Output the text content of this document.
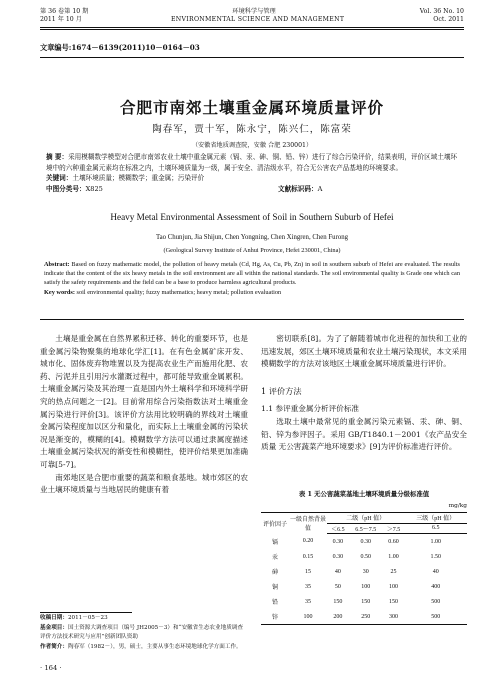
第 36 卷第 10 期	环境科学与管理	Vol. 36 No. 10
2011 年 10 月	ENVIRONMENTAL SCIENCE AND MANAGEMENT	Oct. 2011
文章编号:1674－6139(2011)10－0164－03
合肥市南郊土壤重金属环境质量评价
陶春军，贾十军，陈永宁，陈兴仁，陈富荣
（安徽省地质调查院，安徽 合肥 230001）
摘 要：采用模糊数学模型对合肥市南郊农业土壤中重金属元素（镉、汞、砷、铜、铅、锌）进行了综合污染评价，结果表明，评价区域土壤环境中的六种重金属元素均在标准之内，土壤环境质量为一级，属于安全、清洁级水平，符合无公害农产品基地的环境要求。
关键词：土壤环境质量；模糊数学；重金属；污染评价
中图分类号：X825	文献标识码：A
Heavy Metal Environmental Assessment of Soil in Southern Suburb of Hefei
Tao Chunjun, Jia Shijun, Chen Yongning, Chen Xingren, Chen Furong
(Geological Survey Institute of Anhui Province, Hefei 230001, China)
Abstract: Based on fuzzy mathematic model, the pollution of heavy metals (Cd, Hg, As, Cu, Pb, Zn) in soil in southern suburb of Hefei are evaluated. The results indicate that the content of the six heavy metals in the soil environment are all within the national standards. The soil environmental quality is Grade one which can satisfy the safety requirements and the field can be a base to produce harmless agricultural products.
Key words: soil environmental quality; fuzzy mathematics; heavy metal; pollution evaluation

土壤是重金属在自然界累积迁移、转化的重要环节，也是重金属污染物聚集的地球化学汇[1]。在有色金属矿床开发、城市化、固体废弃物堆置以及为提高农业生产而施用化肥、农药、污泥并且引用污水灌溉过程中，都可能导致重金属累积。土壤重金属污染及其治理一直是国内外土壤科学和环境科学研究的热点问题之一[2]。目前常用综合污染指数法对土壤重金属污染进行评价[3]。该评价方法用比较明确的界线对土壤重金属污染程度加以区分和量化，而实际上土壤重金属的污染状况是渐变的，模糊的[4]。模糊数学方法可以通过隶属度描述土壤重金属污染状况的渐变性和模糊性，使评价结果更加准确可靠[5-7]。

南郊地区是合肥市重要的蔬菜和粮食基地。城市郊区的农业土壤环境质量与当地居民的健康有着

密切联系[8]。为了了解随着城市化进程的加快和工业的迅速发展，郊区土壤环境质量和农业土壤污染现状，本文采用模糊数学的方法对该地区土壤重金属环境质量进行评价。

1 评价方法
1.1 参评重金属分析评价标准

选取土壤中最常见的重金属污染元素镉、汞、砷、铜、铅、锌为参评因子。采用 GB/T1840.1－2001《农产品安全质量 无公害蔬菜产地环境要求》[9]为评价标准进行评价。

表 1 无公害蔬菜基地土壤环境质量分级标准值
mg/kg
评价因子	一级自然背景值	二级（pH 值）			三级（pH 值）
		＜6.5	6.5～7.5	＞7.5	6.5
镉	0.20	0.30	0.30	0.60	1.00
汞	0.15	0.30	0.50	1.00	1.50
砷	15	40	30	25	40
铜	35	50	100	100	400
铅	35	150	150	150	500
锌	100	200	250	300	500
收稿日期：2011－05－23
基金项目：国土资源大调查项目（编号 JH2005－3）和“安徽省生态农业地质调查评价方法技术研究与应用”创新团队资助
作者简介：陶春军（1982－），男，硕士，主要从事生态环境地球化学方面工作。
· 164 ·
